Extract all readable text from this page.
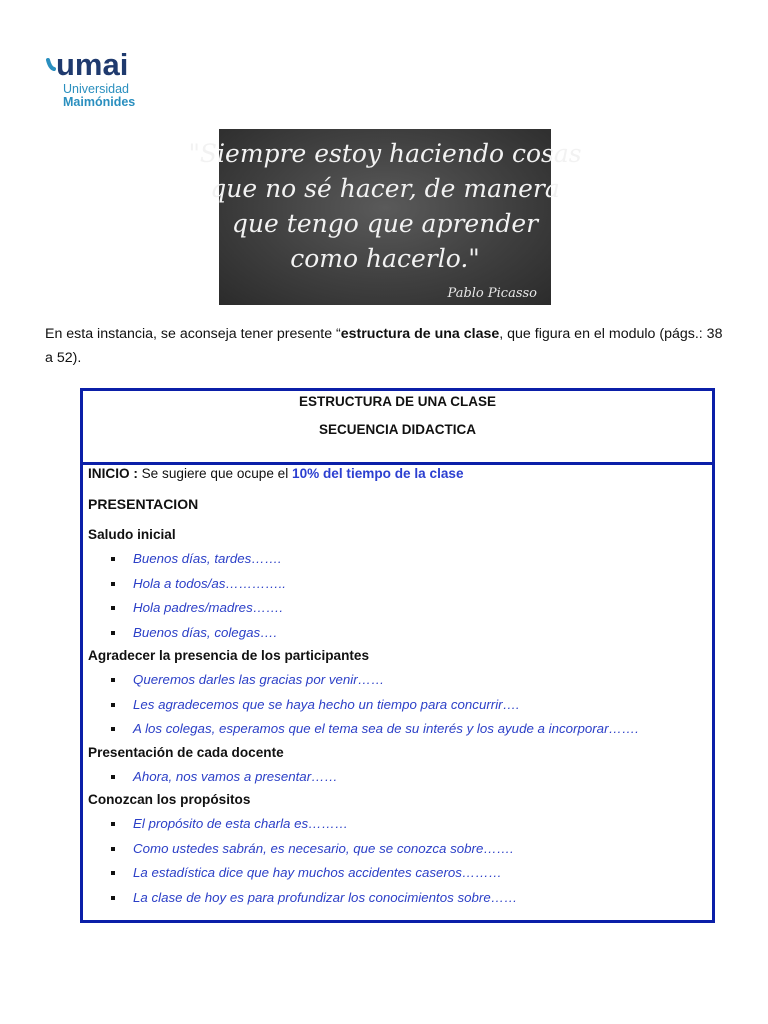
umai
Universidad
Maimónides
"Siempre estoy haciendo cosas
que no sé hacer, de manera
que tengo que aprender
como hacerlo."
Pablo Picasso
En esta instancia, se aconseja tener presente “estructura de una clase, que figura en el modulo (págs.: 38 a 52).
ESTRUCTURA DE UNA CLASE
SECUENCIA DIDACTICA
INICIO : Se sugiere que ocupe el 10% del tiempo de la clase
PRESENTACION
Saludo inicial
Buenos días, tardes…….
Hola a todos/as…………..
Hola padres/madres…….
Buenos días, colegas….
Agradecer la presencia de los participantes
Queremos darles las gracias por venir……
Les agradecemos que se haya hecho un tiempo para concurrir….
A los colegas, esperamos que el tema sea de su interés y los ayude a incorporar…….
Presentación de cada docente
Ahora, nos vamos a presentar……
Conozcan los propósitos
El propósito de esta charla es………
Como ustedes sabrán, es necesario, que se conozca sobre…….
La estadística dice que hay muchos accidentes caseros………
La clase de hoy es para profundizar los conocimientos sobre……
